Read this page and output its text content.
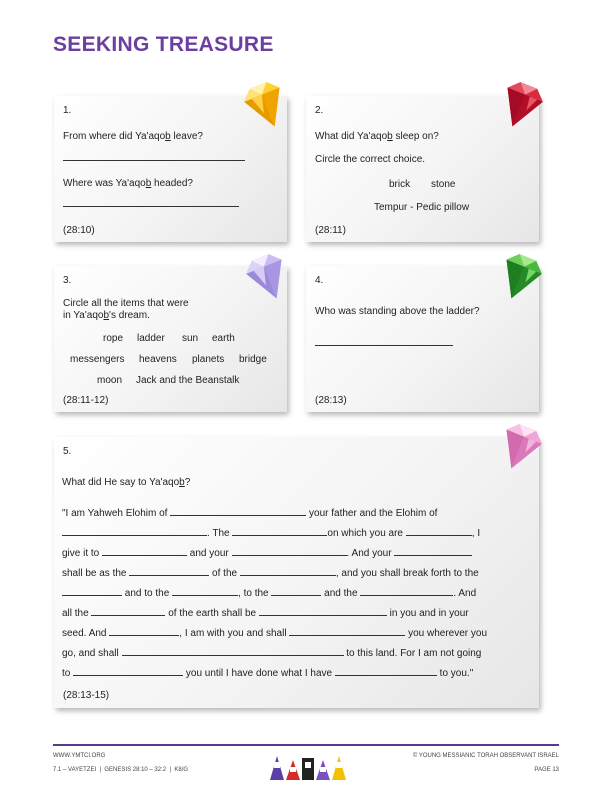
SEEKING TREASURE
1.
From where did Ya'aqob leave?
Where was Ya'aqob headed?
(28:10)
2.
What did Ya'aqob sleep on?
Circle the correct choice.
brick stone
Tempur - Pedic pillow
(28:11)
3.
Circle all the items that were
in Ya'aqob's dream.
rope ladder sun earth
messengers heavens planets bridge
moon Jack and the Beanstalk
(28:11-12)
4.
Who was standing above the ladder?
(28:13)
5.
What did He say to Ya'aqob?
"I am Yahweh Elohim of	your father and the Elohim of
. The	on which you are	, I
give it to	and your	. And your
shall be as the	of the	, and you shall break forth to the
and to the	, to the	and the	. And
all the	of the earth shall be	in you and in your
seed. And	, I am with you and shall	you wherever you
go, and shall	to this land. For I am not going
to	you until I have done what I have	to you."
(28:13-15)
WWW.YMTCI.ORG
7.1 – VAYETZEI  |  GENESIS 28:10 – 32:2  |  K8/G
© YOUNG MESSIANIC TORAH OBSERVANT ISRAEL
PAGE 13
